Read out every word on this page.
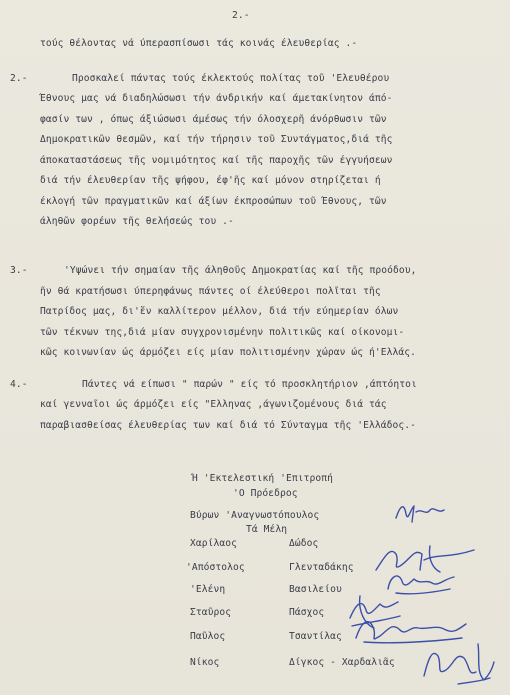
2.-
τούς θέλοντας νά ύπερασπίσωσι τάς κοινάς έλευθερίας .-
2.-	Προσκαλεί πάντας τούς έκλεκτούς πολίτας τοῦ 'Ελευθέρου
Έθνους μας νά διαδηλώσωσι τήν άνδρικήν καί άμετακίνητον άπό-
φασίν των , όπως άξιώσωσι άμέσως τήν όλοσχερῆ άνόρθωσιν τῶν
Δημοκρατικῶν θεσμῶν, καί τήν τήρησιν τοῦ Συντάγματος,διά τῆς
άποκαταστάσεως τῆς νομιμότητος καί τῆς παροχῆς τῶν έγγυήσεων
διά τήν έλευθερίαν τῆς ψήφου, έφ'ῆς καί μόνον στηρίζεται ή
έκλογή τῶν πραγματικῶν καί άξίων έκπροσώπων τοῦ Έθνους, τῶν
άληθῶν φορέων τῆς θελήσεώς του .-
3.-	'Υψώνει τήν σημαίαν τῆς άληθοῦς Δημοκρατίας καί τῆς προόδου,
ῆν θά κρατήσωσι ύπερηφάνως πάντες οί έλεύθεροι πολῖται τῆς
Πατρίδος μας, δι'ἕν καλλίτερον μέλλον, διά τήν εύημερίαν όλων
τῶν τέκνων της,διά μίαν συγχρονισμένην πολιτικῶς καί οίκονομι-
κῶς κοινωνίαν ώς άρμόζει είς μίαν πολιτισμένην χώραν ώς ή'Ελλάς.
4.-	Πάντες νά είπωσι " παρών " είς τό προσκλητήριον ,άπτόητοι
καί γενναῖοι ώς άρμόζει είς "Ελληνας ,άγωνιζομένους διά τάς
παραβιασθείσας έλευθερίας των καί διά τό Σύνταγμα τῆς 'Ελλάδος.-
Ή 'Εκτελεστική 'Επιτροπή
'Ο Πρόεδρος
Βύρων 'Αναγνωστόπουλος
Τά Μέλη
Χαρίλαος	Δώδος
'Απόστολος	Γλενταδάκης
'Ελένη	Βασιλείου
Σταῦρος	Πάσχος
Παῦλος	Τσαντίλας
Νίκος	Δίγκος - Χαρδαλιᾶς
